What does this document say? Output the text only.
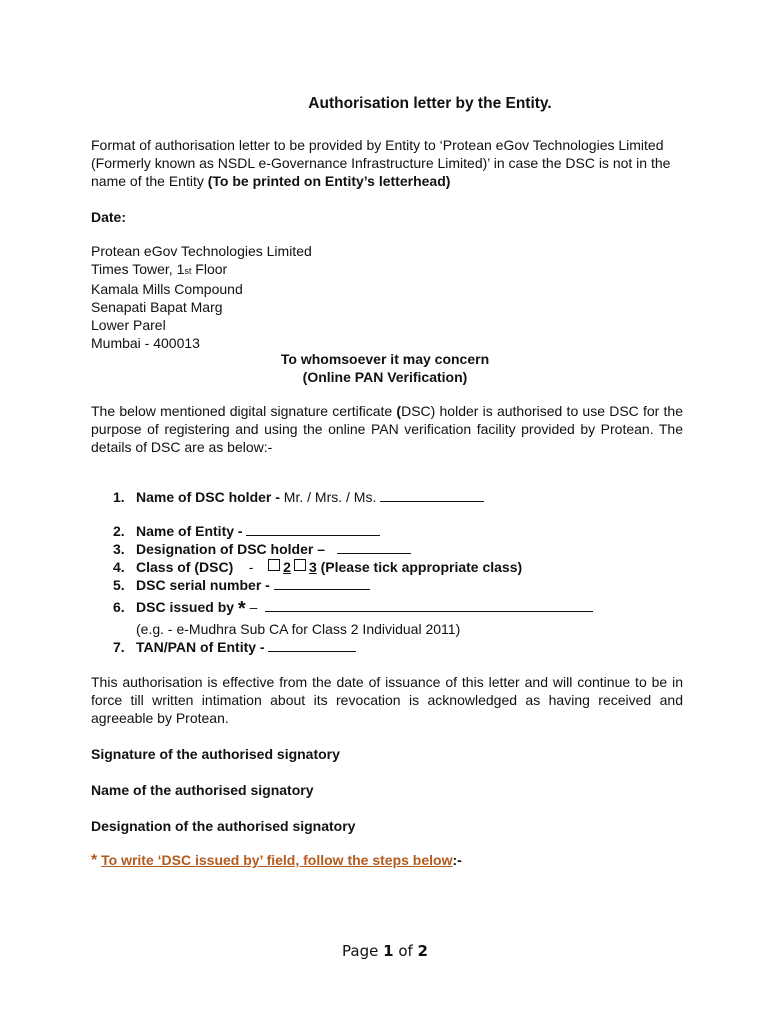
Authorisation letter by the Entity.
Format of authorisation letter to be provided by Entity to ‘Protean eGov Technologies Limited (Formerly known as NSDL e-Governance Infrastructure Limited)’ in case the DSC is not in the name of the Entity (To be printed on Entity’s letterhead)
Date:
Protean eGov Technologies Limited
Times Tower, 1st Floor
Kamala Mills Compound
Senapati Bapat Marg
Lower Parel
Mumbai - 400013
To whomsoever it may concern
(Online PAN Verification)
The below mentioned digital signature certificate (DSC) holder is authorised to use DSC for the purpose of registering and using the online PAN verification facility provided by Protean. The details of DSC are as below:-
1. Name of DSC holder - Mr. / Mrs. / Ms.
2. Name of Entity -
3. Designation of DSC holder –
4. Class of (DSC) - 2 3 (Please tick appropriate class)
5. DSC serial number -
6. DSC issued by * –
(e.g. - e-Mudhra Sub CA for Class 2 Individual 2011)
7. TAN/PAN of Entity -
This authorisation is effective from the date of issuance of this letter and will continue to be in force till written intimation about its revocation is acknowledged as having received and agreeable by Protean.
Signature of the authorised signatory
Name of the authorised signatory
Designation of the authorised signatory
* To write ‘DSC issued by’ field, follow the steps below:-
Page 1 of 2
